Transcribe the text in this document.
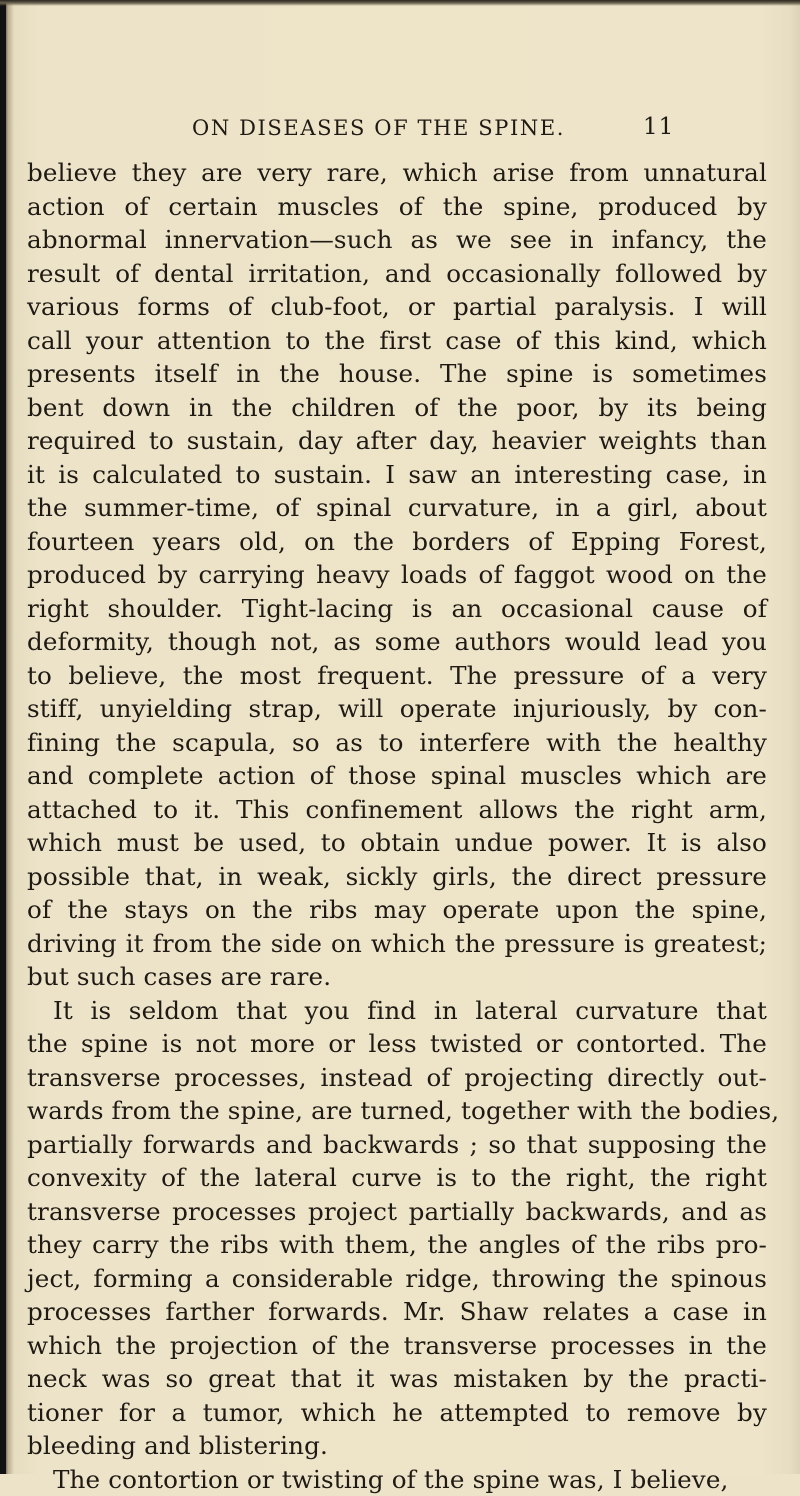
ON DISEASES OF THE SPINE.	11
believe they are very rare, which arise from unnatural
action of certain muscles of the spine, produced by
abnormal innervation—such as we see in infancy, the
result of dental irritation, and occasionally followed by
various forms of club-foot, or partial paralysis. I will
call your attention to the first case of this kind, which
presents itself in the house. The spine is sometimes
bent down in the children of the poor, by its being
required to sustain, day after day, heavier weights than
it is calculated to sustain. I saw an interesting case, in
the summer-time, of spinal curvature, in a girl, about
fourteen years old, on the borders of Epping Forest,
produced by carrying heavy loads of faggot wood on the
right shoulder. Tight-lacing is an occasional cause of
deformity, though not, as some authors would lead you
to believe, the most frequent. The pressure of a very
stiff, unyielding strap, will operate injuriously, by con-
fining the scapula, so as to interfere with the healthy
and complete action of those spinal muscles which are
attached to it. This confinement allows the right arm,
which must be used, to obtain undue power. It is also
possible that, in weak, sickly girls, the direct pressure
of the stays on the ribs may operate upon the spine,
driving it from the side on which the pressure is greatest;
but such cases are rare.
It is seldom that you find in lateral curvature that
the spine is not more or less twisted or contorted. The
transverse processes, instead of projecting directly out-
wards from the spine, are turned, together with the bodies,
partially forwards and backwards ; so that supposing the
convexity of the lateral curve is to the right, the right
transverse processes project partially backwards, and as
they carry the ribs with them, the angles of the ribs pro-
ject, forming a considerable ridge, throwing the spinous
processes farther forwards. Mr. Shaw relates a case in
which the projection of the transverse processes in the
neck was so great that it was mistaken by the practi-
tioner for a tumor, which he attempted to remove by
bleeding and blistering.
The contortion or twisting of the spine was, I believe,
